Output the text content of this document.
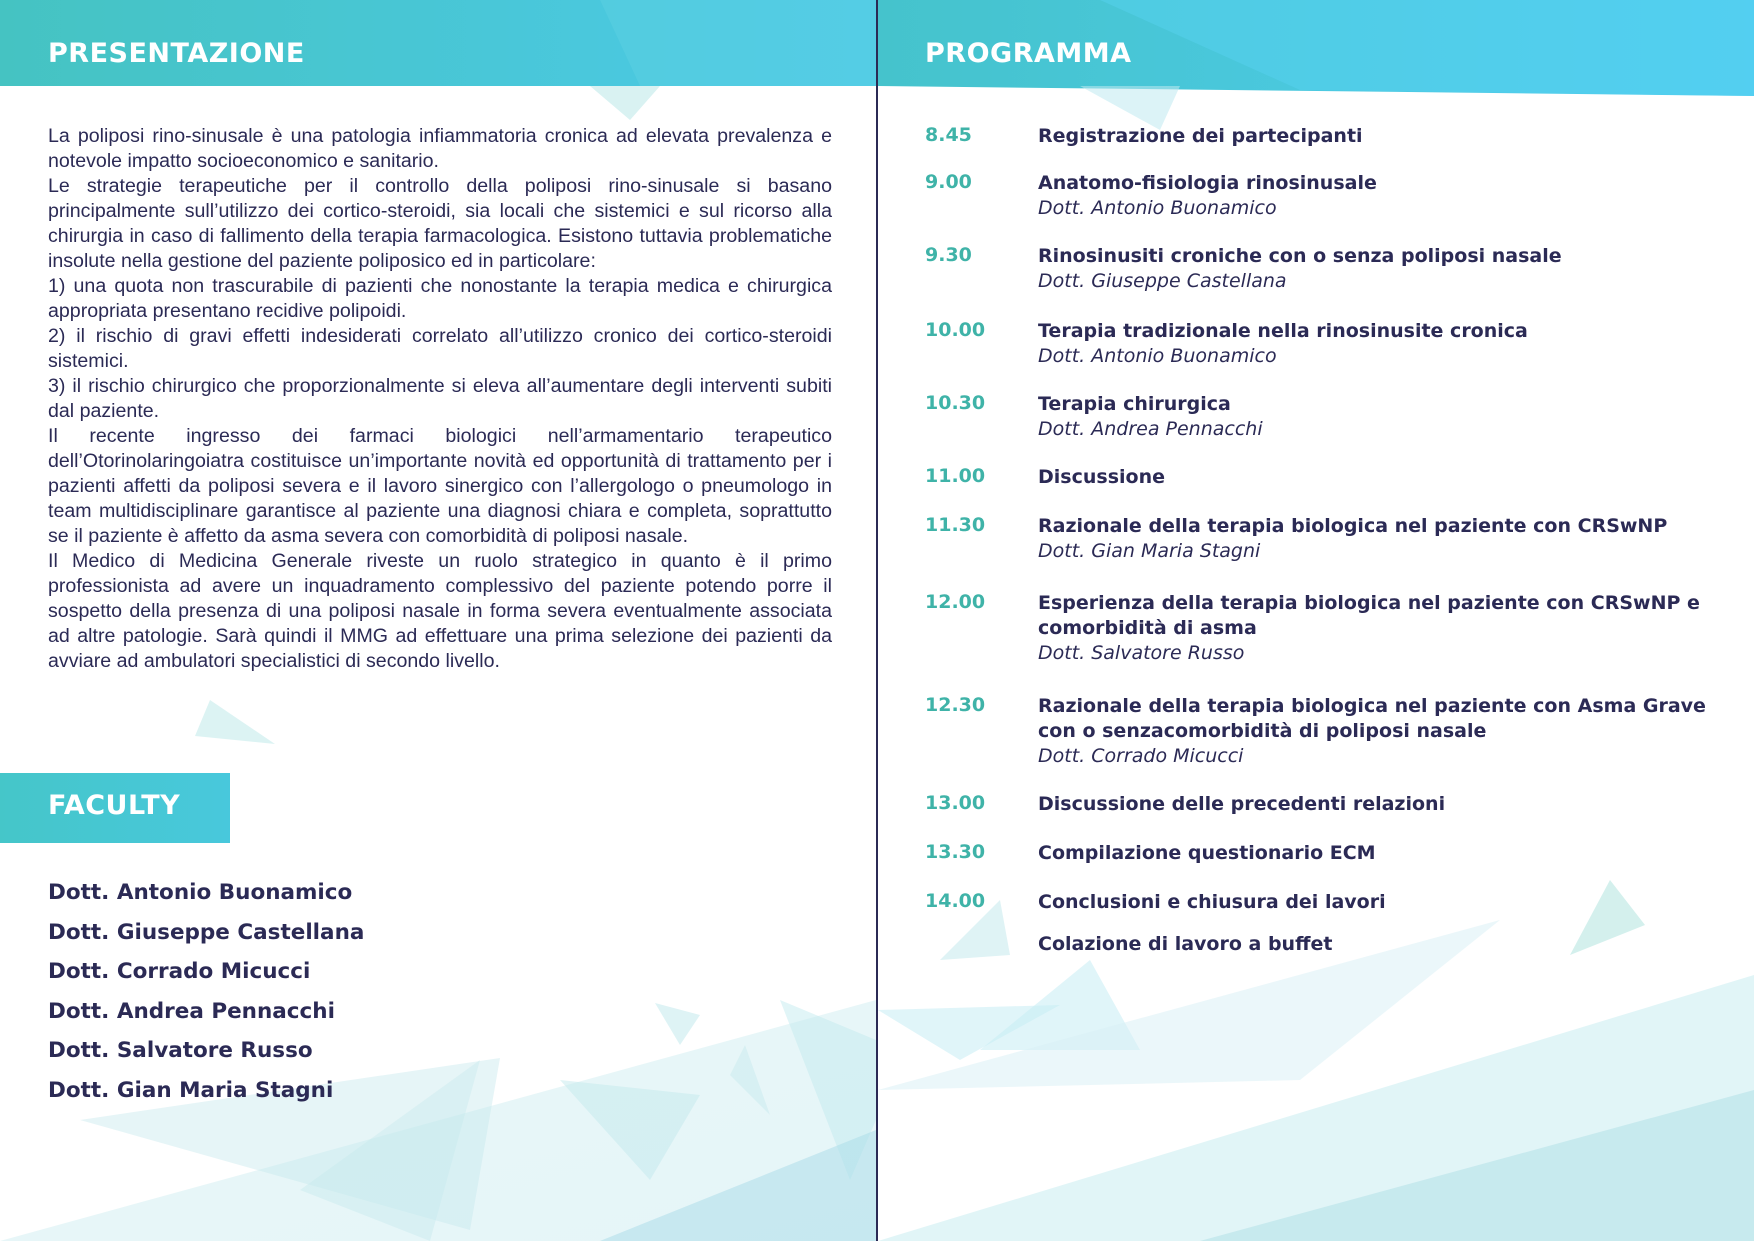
PRESENTAZIONE

La poliposi rino-sinusale è una patologia infiammatoria cronica ad elevata prevalenza e notevole impatto socioeconomico e sanitario.

Le strategie terapeutiche per il controllo della poliposi rino-sinusale si basano principalmente sull’utilizzo dei cortico-steroidi, sia locali che sistemici e sul ricorso alla chirurgia in caso di fallimento della terapia farmacologica. Esistono tuttavia problematiche insolute nella gestione del paziente poliposico ed in particolare:

1) una quota non trascurabile di pazienti che nonostante la terapia medica e chirurgica appropriata presentano recidive polipoidi.

2) il rischio di gravi effetti indesiderati correlato all’utilizzo cronico dei cortico-steroidi sistemici.

3) il rischio chirurgico che proporzionalmente si eleva all’aumentare degli interventi subiti dal paziente.

Il recente ingresso dei farmaci biologici nell’armamentario terapeutico dell’Otorinolaringoiatra costituisce un’importante novità ed opportunità di trattamento per i pazienti affetti da poliposi severa e il lavoro sinergico con l’allergologo o pneumologo in team multidisciplinare garantisce al paziente una diagnosi chiara e completa, soprattutto se il paziente è affetto da asma severa con comorbidità di poliposi nasale.

Il Medico di Medicina Generale riveste un ruolo strategico in quanto è il primo professionista ad avere un inquadramento complessivo del paziente potendo porre il sospetto della presenza di una poliposi nasale in forma severa eventualmente associata ad altre patologie. Sarà quindi il MMG ad effettuare una prima selezione dei pazienti da avviare ad ambulatori specialistici di secondo livello.

FACULTY
Dott. Antonio Buonamico
Dott. Giuseppe Castellana
Dott. Corrado Micucci
Dott. Andrea Pennacchi
Dott. Salvatore Russo
Dott. Gian Maria Stagni
PROGRAMMA
8.45	Registrazione dei partecipanti
9.00	Anatomo-fisiologia rinosinusale
Dott. Antonio Buonamico
9.30	Rinosinusiti croniche con o senza poliposi nasale
Dott. Giuseppe Castellana
10.00	Terapia tradizionale nella rinosinusite cronica
Dott. Antonio Buonamico
10.30	Terapia chirurgica
Dott. Andrea Pennacchi
11.00	Discussione
11.30	Razionale della terapia biologica nel paziente con CRSwNP
Dott. Gian Maria Stagni
12.00	Esperienza della terapia biologica nel paziente con CRSwNP e comorbidità di asma
Dott. Salvatore Russo
12.30	Razionale della terapia biologica nel paziente con Asma Grave con o senzacomorbidità di poliposi nasale
Dott. Corrado Micucci
13.00	Discussione delle precedenti relazioni
13.30	Compilazione questionario ECM
14.00	Conclusioni e chiusura dei lavori
Colazione di lavoro a buffet
